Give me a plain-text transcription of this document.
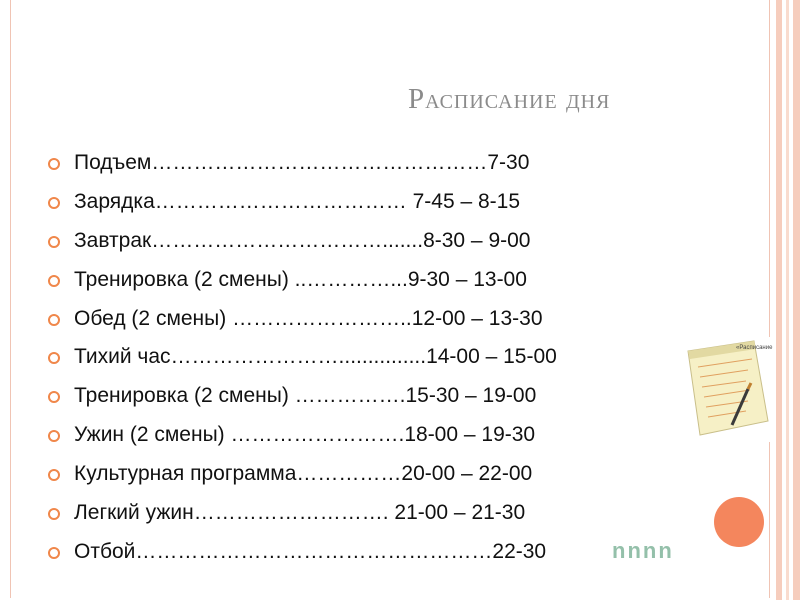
Расписание дня
Подъем…………………………………………7-30
Зарядка……………………………… 7-45 – 8-15
Завтрак…………………………….......8-30 – 9-00
Тренировка (2 смены) ..…………...9-30 – 13-00
Обед (2 смены) ……………………..12-00 – 13-30
Тихий час……………………...............14-00 – 15-00
Тренировка (2 смены) …………….15-30 – 19-00
Ужин (2 смены) …………………….18-00 – 19-30
Культурная программа……………20-00 – 22-00
Легкий ужин………………………. 21-00 – 21-30
Отбой……………………………………………22-30
«Расписание
nnnn
